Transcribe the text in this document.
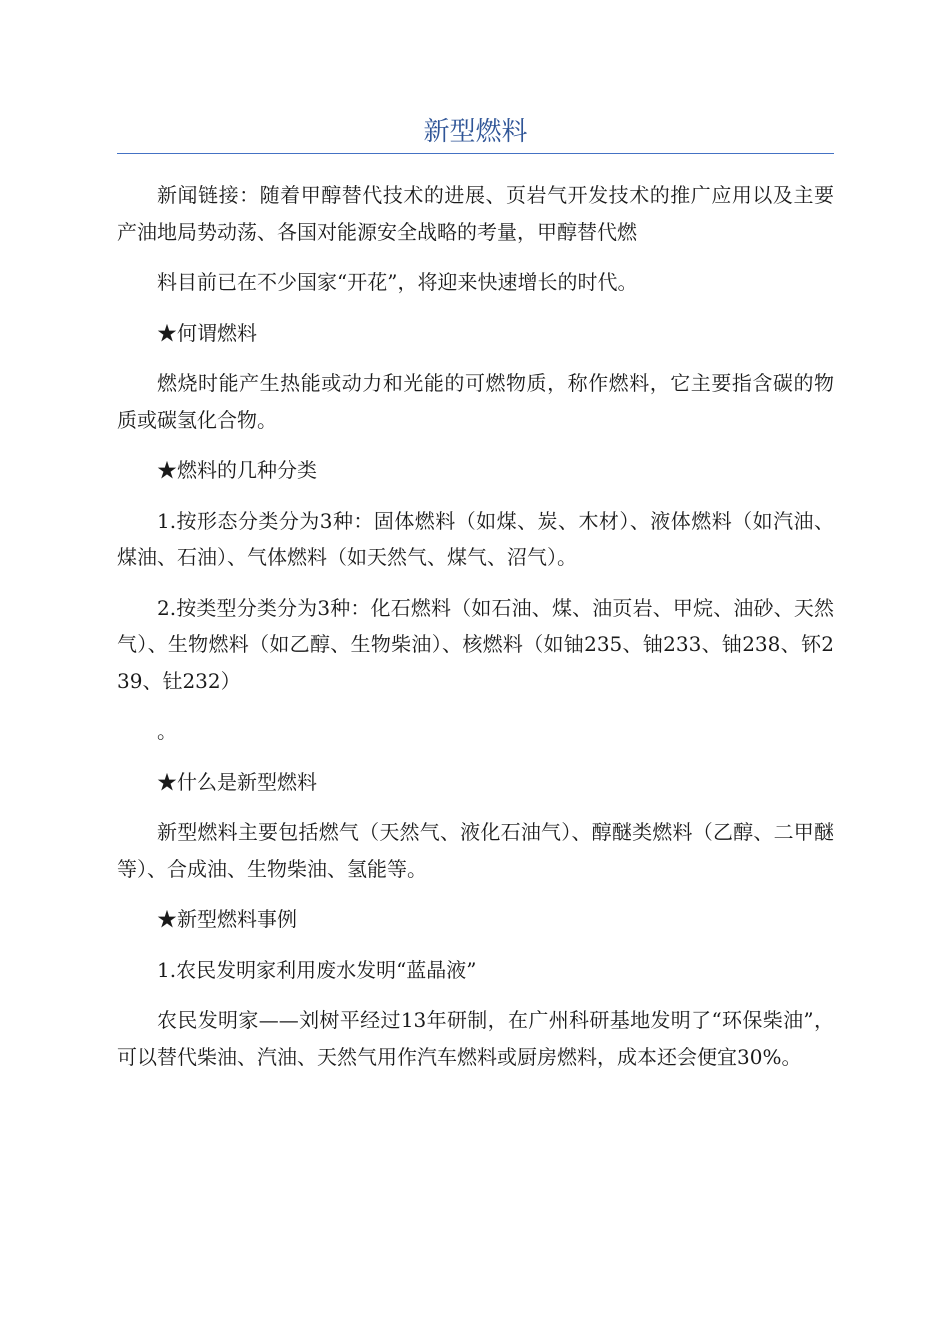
新型燃料

新闻链接：随着甲醇替代技术的进展、页岩气开发技术的推广应用以及主要产油地局势动荡、各国对能源安全战略的考量，甲醇替代燃

料目前已在不少国家“开花”，将迎来快速增长的时代。

★何谓燃料

燃烧时能产生热能或动力和光能的可燃物质，称作燃料，它主要指含碳的物质或碳氢化合物。

★燃料的几种分类

1.按形态分类分为3种：固体燃料（如煤、炭、木材）、液体燃料（如汽油、煤油、石油）、气体燃料（如天然气、煤气、沼气）。

2.按类型分类分为3种：化石燃料（如石油、煤、油页岩、甲烷、油砂、天然气）、生物燃料（如乙醇、生物柴油）、核燃料（如铀235、铀233、铀238、钚239、钍232）

。

★什么是新型燃料

新型燃料主要包括燃气（天然气、液化石油气）、醇醚类燃料（乙醇、二甲醚等）、合成油、生物柴油、氢能等。

★新型燃料事例

1.农民发明家利用废水发明“蓝晶液”

农民发明家——刘树平经过13年研制，在广州科研基地发明了“环保柴油”，可以替代柴油、汽油、天然气用作汽车燃料或厨房燃料，成本还会便宜30%。
